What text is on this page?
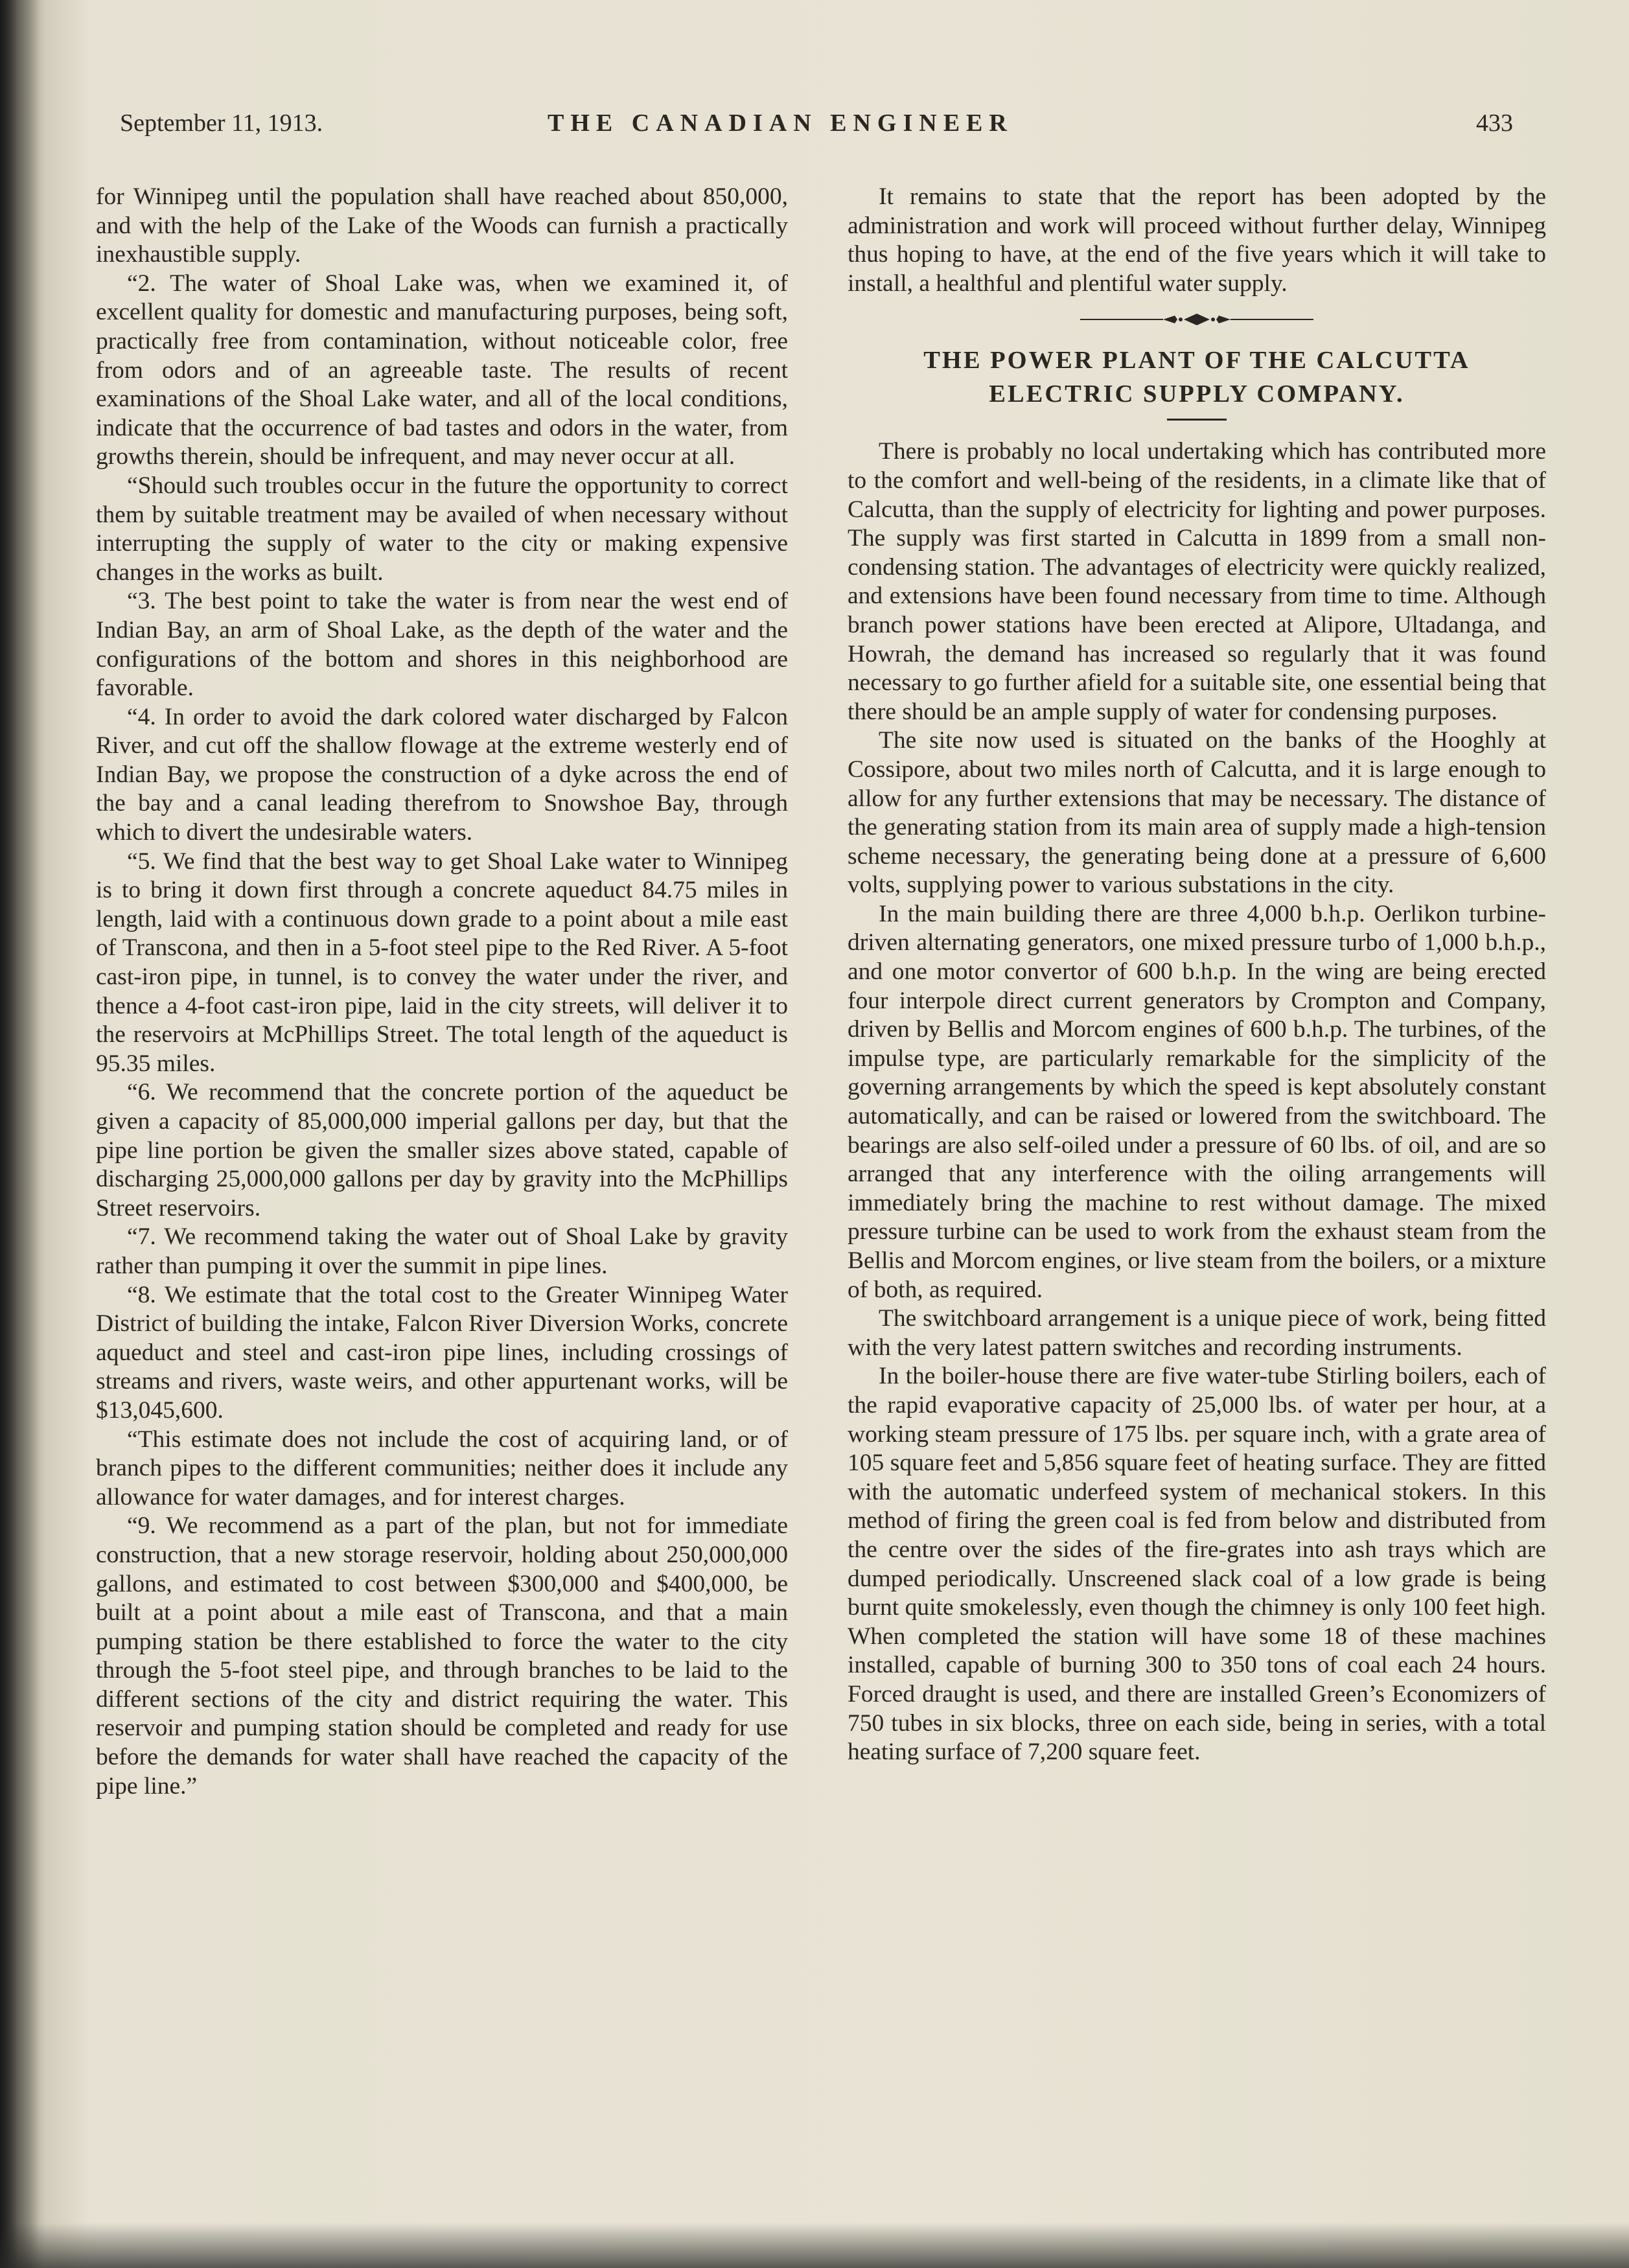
September 11, 1913.	THE CANADIAN ENGINEER	433

for Winnipeg until the population shall have reached about 850,000, and with the help of the Lake of the Woods can furnish a practically inexhaustible supply.

“2. The water of Shoal Lake was, when we examined it, of excellent quality for domestic and manufacturing purposes, being soft, practically free from contamination, without noticeable color, free from odors and of an agreeable taste. The results of recent examinations of the Shoal Lake water, and all of the local conditions, indicate that the occurrence of bad tastes and odors in the water, from growths therein, should be infrequent, and may never occur at all.

“Should such troubles occur in the future the opportunity to correct them by suitable treatment may be availed of when necessary without interrupting the supply of water to the city or making expensive changes in the works as built.

“3. The best point to take the water is from near the west end of Indian Bay, an arm of Shoal Lake, as the depth of the water and the configurations of the bottom and shores in this neighborhood are favorable.

“4. In order to avoid the dark colored water discharged by Falcon River, and cut off the shallow flowage at the extreme westerly end of Indian Bay, we propose the construction of a dyke across the end of the bay and a canal leading therefrom to Snowshoe Bay, through which to divert the undesirable waters.

“5. We find that the best way to get Shoal Lake water to Winnipeg is to bring it down first through a concrete aqueduct 84.75 miles in length, laid with a continuous down grade to a point about a mile east of Transcona, and then in a 5-foot steel pipe to the Red River. A 5-foot cast-iron pipe, in tunnel, is to convey the water under the river, and thence a 4-foot cast-iron pipe, laid in the city streets, will deliver it to the reservoirs at McPhillips Street. The total length of the aqueduct is 95.35 miles.

“6. We recommend that the concrete portion of the aqueduct be given a capacity of 85,000,000 imperial gallons per day, but that the pipe line portion be given the smaller sizes above stated, capable of discharging 25,000,000 gallons per day by gravity into the McPhillips Street reservoirs.

“7. We recommend taking the water out of Shoal Lake by gravity rather than pumping it over the summit in pipe lines.

“8. We estimate that the total cost to the Greater Winnipeg Water District of building the intake, Falcon River Diversion Works, concrete aqueduct and steel and cast-iron pipe lines, including crossings of streams and rivers, waste weirs, and other appurtenant works, will be $13,045,600.

“This estimate does not include the cost of acquiring land, or of branch pipes to the different communities; neither does it include any allowance for water damages, and for interest charges.

“9. We recommend as a part of the plan, but not for immediate construction, that a new storage reservoir, holding about 250,000,000 gallons, and estimated to cost between $300,000 and $400,000, be built at a point about a mile east of Transcona, and that a main pumping station be there established to force the water to the city through the 5-foot steel pipe, and through branches to be laid to the different sections of the city and district requiring the water. This reservoir and pumping station should be completed and ready for use before the demands for water shall have reached the capacity of the pipe line.”

It remains to state that the report has been adopted by the administration and work will proceed without further delay, Winnipeg thus hoping to have, at the end of the five years which it will take to install, a healthful and plentiful water supply.

THE POWER PLANT OF THE CALCUTTA
ELECTRIC SUPPLY COMPANY.

There is probably no local undertaking which has contributed more to the comfort and well-being of the residents, in a climate like that of Calcutta, than the supply of electricity for lighting and power purposes. The supply was first started in Calcutta in 1899 from a small non-condensing station. The advantages of electricity were quickly realized, and extensions have been found necessary from time to time. Although branch power stations have been erected at Alipore, Ultadanga, and Howrah, the demand has increased so regularly that it was found necessary to go further afield for a suitable site, one essential being that there should be an ample supply of water for condensing purposes.

The site now used is situated on the banks of the Hooghly at Cossipore, about two miles north of Calcutta, and it is large enough to allow for any further extensions that may be necessary. The distance of the generating station from its main area of supply made a high-tension scheme necessary, the generating being done at a pressure of 6,600 volts, supplying power to various substations in the city.

In the main building there are three 4,000 b.h.p. Oerlikon turbine-driven alternating generators, one mixed pressure turbo of 1,000 b.h.p., and one motor convertor of 600 b.h.p. In the wing are being erected four interpole direct current generators by Crompton and Company, driven by Bellis and Morcom engines of 600 b.h.p. The turbines, of the impulse type, are particularly remarkable for the simplicity of the governing arrangements by which the speed is kept absolutely constant automatically, and can be raised or lowered from the switchboard. The bearings are also self-oiled under a pressure of 60 lbs. of oil, and are so arranged that any interference with the oiling arrangements will immediately bring the machine to rest without damage. The mixed pressure turbine can be used to work from the exhaust steam from the Bellis and Morcom engines, or live steam from the boilers, or a mixture of both, as required.

The switchboard arrangement is a unique piece of work, being fitted with the very latest pattern switches and recording instruments.

In the boiler-house there are five water-tube Stirling boilers, each of the rapid evaporative capacity of 25,000 lbs. of water per hour, at a working steam pressure of 175 lbs. per square inch, with a grate area of 105 square feet and 5,856 square feet of heating surface. They are fitted with the automatic underfeed system of mechanical stokers. In this method of firing the green coal is fed from below and distributed from the centre over the sides of the fire-grates into ash trays which are dumped periodically. Unscreened slack coal of a low grade is being burnt quite smokelessly, even though the chimney is only 100 feet high. When completed the station will have some 18 of these machines installed, capable of burning 300 to 350 tons of coal each 24 hours. Forced draught is used, and there are installed Green’s Economizers of 750 tubes in six blocks, three on each side, being in series, with a total heating surface of 7,200 square feet.
